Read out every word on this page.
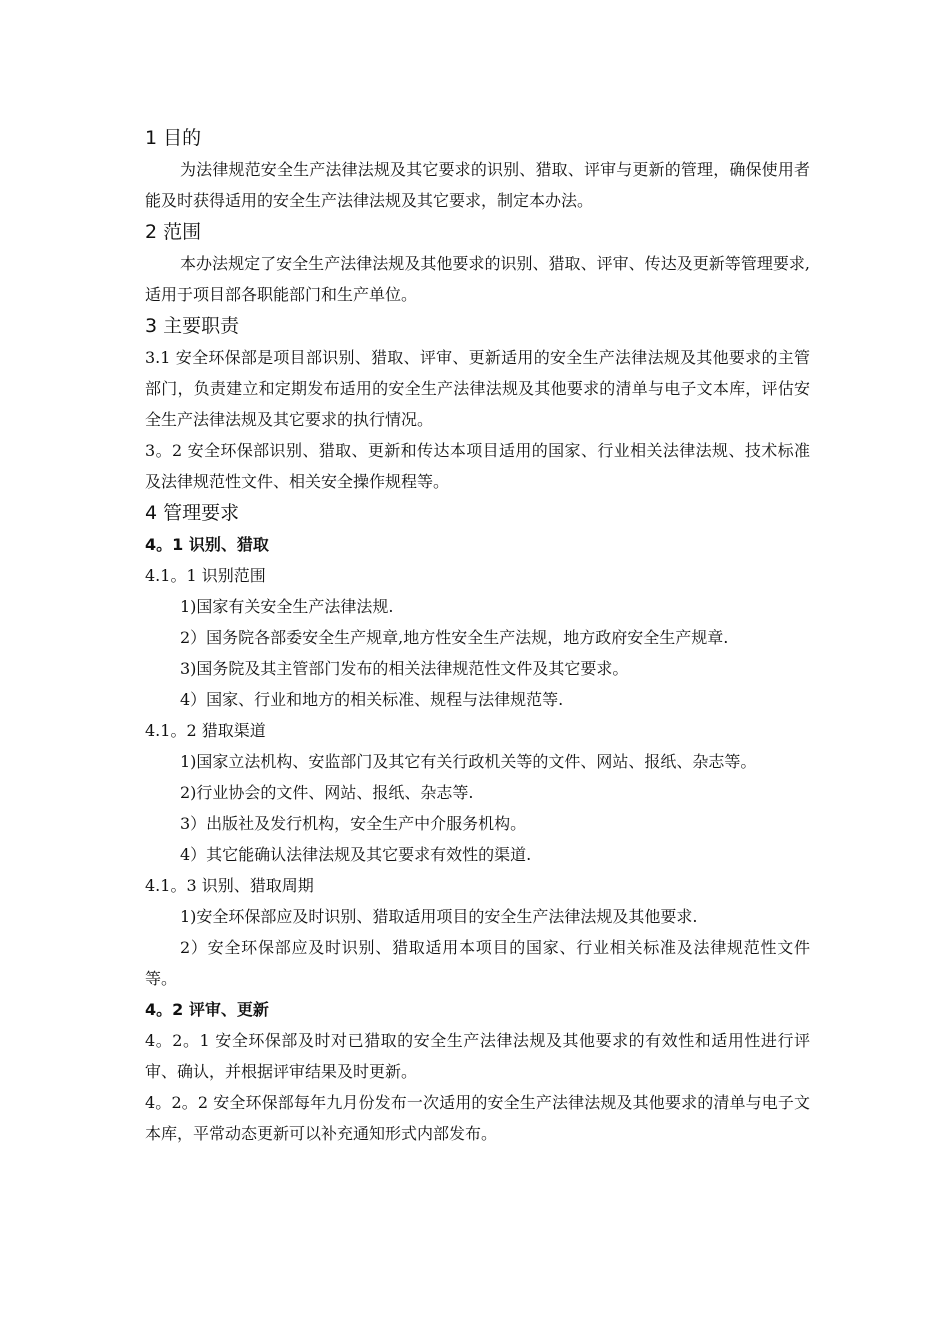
1 目的

为法律规范安全生产法律法规及其它要求的识别、猎取、评审与更新的管理，确保使用者能及时获得适用的安全生产法律法规及其它要求，制定本办法。

2 范围

本办法规定了安全生产法律法规及其他要求的识别、猎取、评审、传达及更新等管理要求, 适用于项目部各职能部门和生产单位。

3 主要职责

3.1 安全环保部是项目部识别、猎取、评审、更新适用的安全生产法律法规及其他要求的主管部门，负责建立和定期发布适用的安全生产法律法规及其他要求的清单与电子文本库，评估安全生产法律法规及其它要求的执行情况。

3。2 安全环保部识别、猎取、更新和传达本项目适用的国家、行业相关法律法规、技术标准及法律规范性文件、相关安全操作规程等。

4 管理要求

4。1 识别、猎取

4.1。1 识别范围

1)国家有关安全生产法律法规.

2）国务院各部委安全生产规章,地方性安全生产法规，地方政府安全生产规章.

3)国务院及其主管部门发布的相关法律规范性文件及其它要求。

4）国家、行业和地方的相关标准、规程与法律规范等.

4.1。2 猎取渠道

1)国家立法机构、安监部门及其它有关行政机关等的文件、网站、报纸、杂志等。

2)行业协会的文件、网站、报纸、杂志等.

3）出版社及发行机构，安全生产中介服务机构。

4）其它能确认法律法规及其它要求有效性的渠道.

4.1。3 识别、猎取周期

1)安全环保部应及时识别、猎取适用项目的安全生产法律法规及其他要求.

2）安全环保部应及时识别、猎取适用本项目的国家、行业相关标准及法律规范性文件等。

4。2 评审、更新

4。2。1 安全环保部及时对已猎取的安全生产法律法规及其他要求的有效性和适用性进行评审、确认，并根据评审结果及时更新。

4。2。2 安全环保部每年九月份发布一次适用的安全生产法律法规及其他要求的清单与电子文本库，平常动态更新可以补充通知形式内部发布。
